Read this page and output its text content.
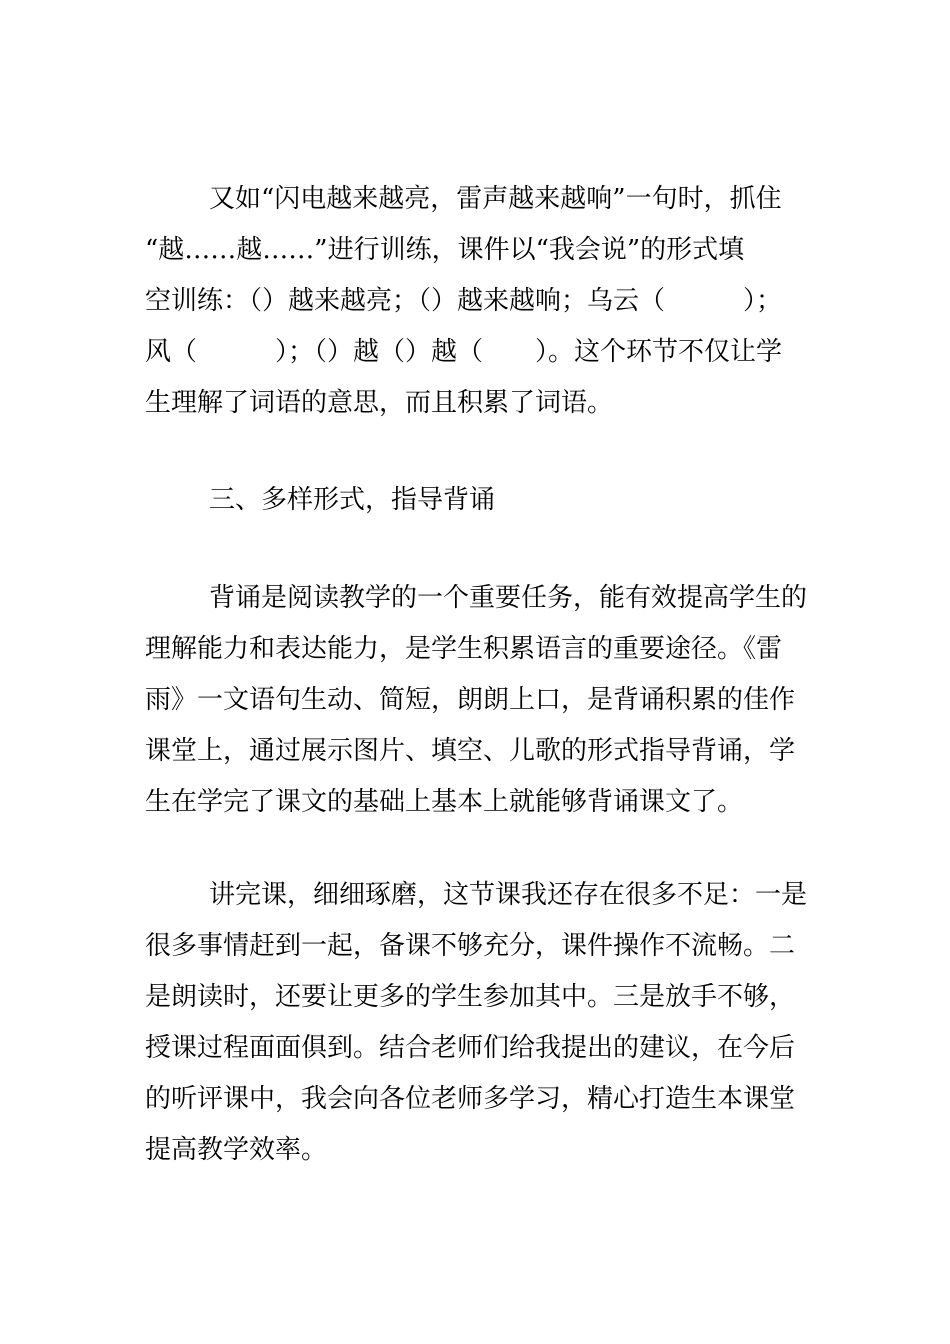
又如“闪电越来越亮，雷声越来越响”一句时，抓住
“越……越……”进行训练，课件以“我会说”的形式填
空训练：（）越来越亮；（）越来越响；乌云（　　　）；
风（　　　）；（）越（）越（　　）。这个环节不仅让学
生理解了词语的意思，而且积累了词语。
三、多样形式，指导背诵
背诵是阅读教学的一个重要任务，能有效提高学生的
理解能力和表达能力，是学生积累语言的重要途径。《雷
雨》一文语句生动、简短，朗朗上口，是背诵积累的佳作
课堂上，通过展示图片、填空、儿歌的形式指导背诵，学
生在学完了课文的基础上基本上就能够背诵课文了。
讲完课，细细琢磨，这节课我还存在很多不足：一是
很多事情赶到一起，备课不够充分，课件操作不流畅。二
是朗读时，还要让更多的学生参加其中。三是放手不够，
授课过程面面俱到。结合老师们给我提出的建议，在今后
的听评课中，我会向各位老师多学习，精心打造生本课堂
提高教学效率。
